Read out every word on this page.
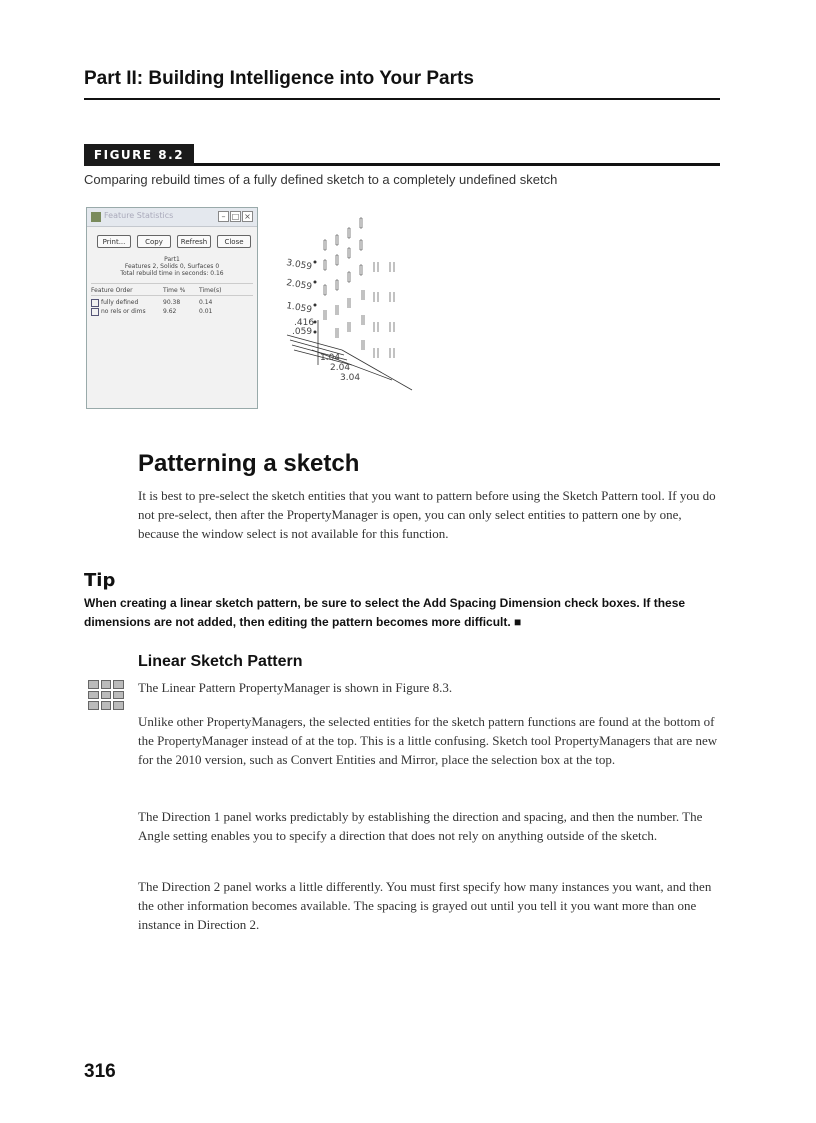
Part II: Building Intelligence into Your Parts
FIGURE 8.2
Comparing rebuild times of a fully defined sketch to a completely undefined sketch
Feature Statistics	– □ ×
Print...	Copy	Refresh	Close
Part1
Features 2, Solids 0, Surfaces 0
Total rebuild time in seconds: 0.16
Feature Order	Time %	Time(s)
fully defined	90.38	0.14
no rels or dims	9.62	0.01
3.059
2.059
1.059
.416
.059
1.04
2.04
3.04
Patterning a sketch
It is best to pre-select the sketch entities that you want to pattern before using the Sketch Pattern tool. If you do not pre-select, then after the PropertyManager is open, you can only select entities to pattern one by one, because the window select is not available for this function.
Tip
When creating a linear sketch pattern, be sure to select the Add Spacing Dimension check boxes. If these dimensions are not added, then editing the pattern becomes more difficult. ■
Linear Sketch Pattern
The Linear Pattern PropertyManager is shown in Figure 8.3.
Unlike other PropertyManagers, the selected entities for the sketch pattern functions are found at the bottom of the PropertyManager instead of at the top. This is a little confusing. Sketch tool PropertyManagers that are new for the 2010 version, such as Convert Entities and Mirror, place the selection box at the top.
The Direction 1 panel works predictably by establishing the direction and spacing, and then the number. The Angle setting enables you to specify a direction that does not rely on anything outside of the sketch.
The Direction 2 panel works a little differently. You must first specify how many instances you want, and then the other information becomes available. The spacing is grayed out until you tell it you want more than one instance in Direction 2.
316
